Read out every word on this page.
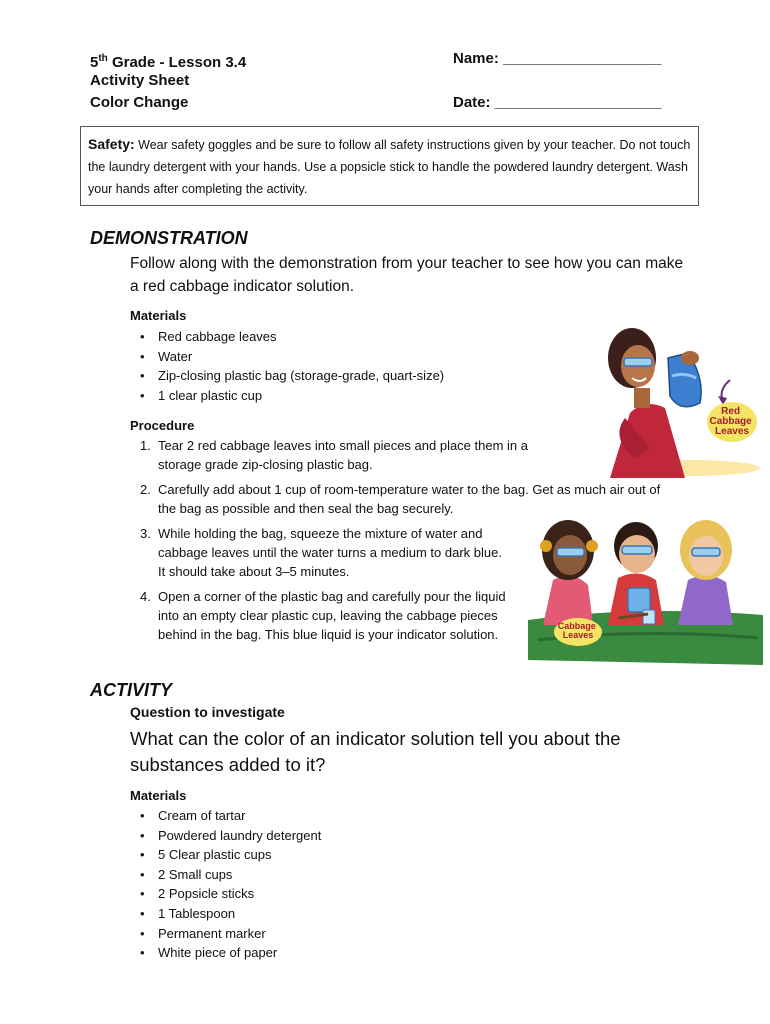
5th Grade - Lesson 3.4
Activity Sheet
Color Change
Name: ___________________
Date: ____________________
Safety: Wear safety goggles and be sure to follow all safety instructions given by your teacher. Do not touch the laundry detergent with your hands. Use a popsicle stick to handle the powdered laundry detergent. Wash your hands after completing the activity.
DEMONSTRATION
Follow along with the demonstration from your teacher to see how you can make a red cabbage indicator solution.
Materials
• Red cabbage leaves
• Water
• Zip-closing plastic bag (storage-grade, quart-size)
• 1 clear plastic cup
Procedure
1. Tear 2 red cabbage leaves into small pieces and place them in a storage grade zip-closing plastic bag.
2. Carefully add about 1 cup of room-temperature water to the bag. Get as much air out of the bag as possible and then seal the bag securely.
3. While holding the bag, squeeze the mixture of water and cabbage leaves until the water turns a medium to dark blue. It should take about 3–5 minutes.
4. Open a corner of the plastic bag and carefully pour the liquid into an empty clear plastic cup, leaving the cabbage pieces behind in the bag. This blue liquid is your indicator solution.
Red Cabbage Leaves
Cabbage Leaves
ACTIVITY
Question to investigate
What can the color of an indicator solution tell you about the substances added to it?
Materials
• Cream of tartar
• Powdered laundry detergent
• 5 Clear plastic cups
• 2 Small cups
• 2 Popsicle sticks
• 1 Tablespoon
• Permanent marker
• White piece of paper
